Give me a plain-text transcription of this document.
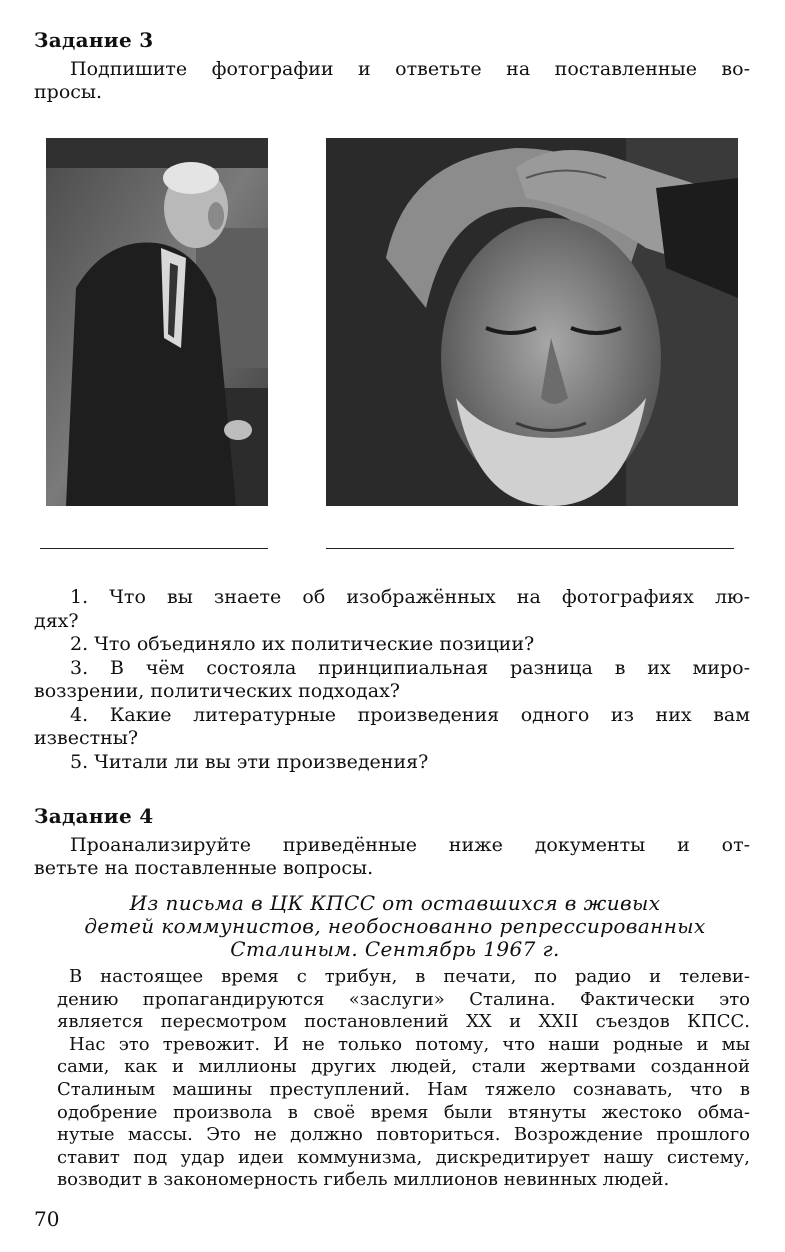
Задание 3
Подпишите фотографии и ответьте на поставленные во-
просы.
1. Что вы знаете об изображённых на фотографиях лю-
дях?
2. Что объединяло их политические позиции?
3. В чём состояла принципиальная разница в их миро-
воззрении, политических подходах?
4. Какие литературные произведения одного из них вам
известны?
5. Читали ли вы эти произведения?
Задание 4
Проанализируйте приведённые ниже документы и от-
ветьте на поставленные вопросы.
Из письма в ЦК КПСС от оставшихся в живых
детей коммунистов, необоснованно репрессированных
Сталиным. Сентябрь 1967 г.
В настоящее время с трибун, в печати, по радио и телеви-
дению пропагандируются «заслуги» Сталина. Фактически это
является пересмотром постановлений XX и XXII съездов КПСС.
Нас это тревожит. И не только потому, что наши родные и мы
сами, как и миллионы других людей, стали жертвами созданной
Сталиным машины преступлений. Нам тяжело сознавать, что в
одобрение произвола в своё время были втянуты жестоко обма-
нутые массы. Это не должно повториться. Возрождение прошлого
ставит под удар идеи коммунизма, дискредитирует нашу систему,
возводит в закономерность гибель миллионов невинных людей.
70
